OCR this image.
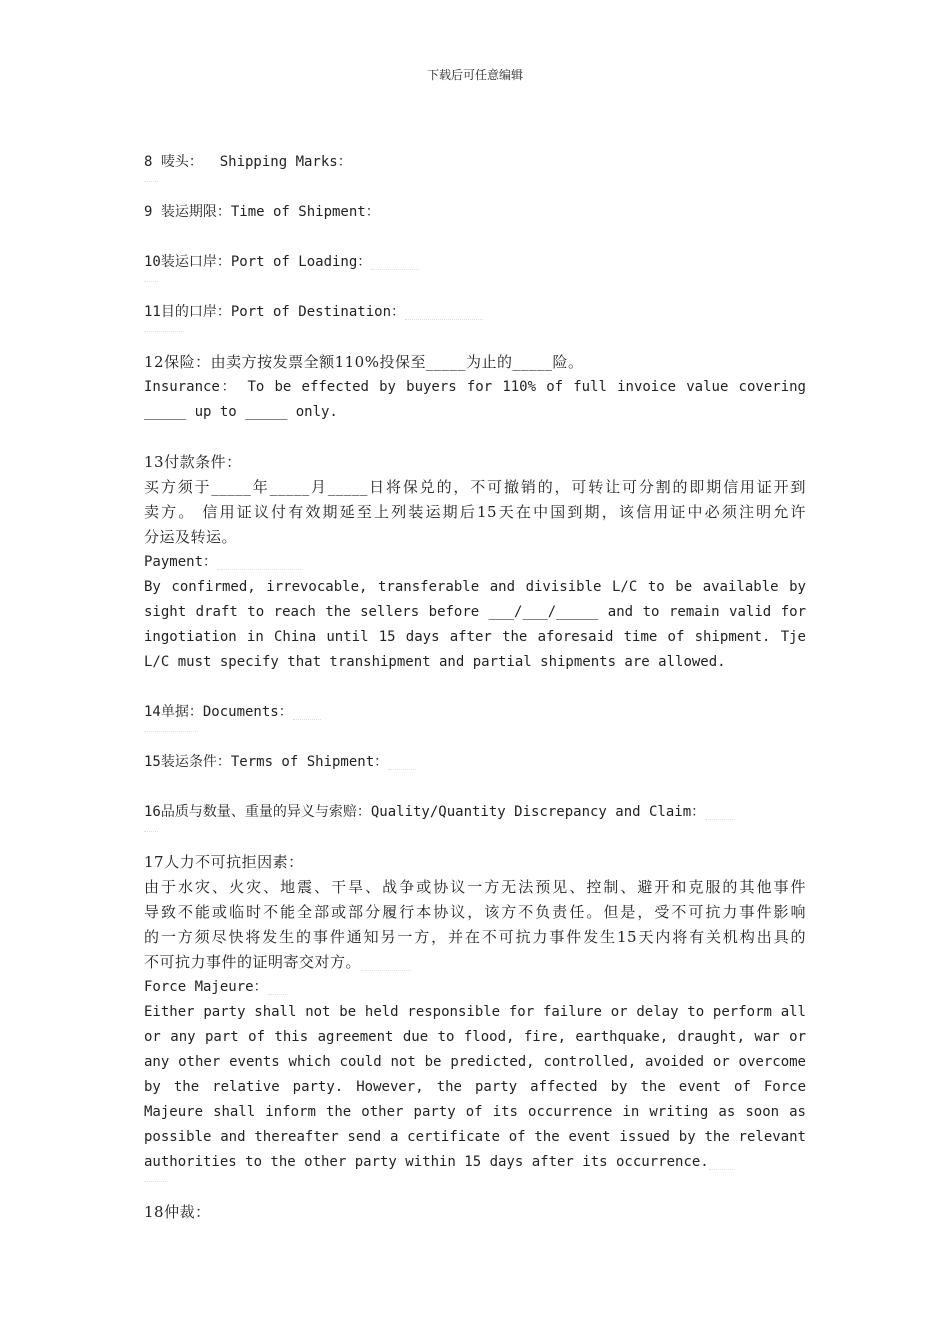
下载后可任意编辑
8 唛头：  Shipping Marks：
9 装运期限：Time of Shipment：
10装运口岸：Port of Loading：
11目的口岸：Port of Destination：
12保险：由卖方按发票全额110%投保至_____为止的_____险。
Insurance： To be effected by buyers for 110% of full invoice value covering
_____ up to _____ only.
13付款条件：
买方须于_____年_____月_____日将保兑的，不可撤销的，可转让可分割的即期信用证开到
卖方。 信用证议付有效期延至上列装运期后15天在中国到期，该信用证中必须注明允许
分运及转运。
Payment：
By confirmed, irrevocable, transferable and divisible L/C to be available by
sight draft to reach the sellers before ___/___/_____ and to remain valid for
ingotiation in China until 15 days after the aforesaid time of shipment. Tje
L/C must specify that transhipment and partial shipments are allowed.
14单据：Documents：
15装运条件：Terms of Shipment：
16品质与数量、重量的异义与索赔：Quality/Quantity Discrepancy and Claim：
17人力不可抗拒因素：
由于水灾、火灾、地震、干旱、战争或协议一方无法预见、控制、避开和克服的其他事件
导致不能或临时不能全部或部分履行本协议，该方不负责任。但是，受不可抗力事件影响
的一方须尽快将发生的事件通知另一方，并在不可抗力事件发生15天内将有关机构出具的
不可抗力事件的证明寄交对方。
Force Majeure：
Either party shall not be held responsible for failure or delay to perform all
or any part of this agreement due to flood, fire, earthquake, draught, war or
any other events which could not be predicted, controlled, avoided or overcome
by the relative party. However, the party affected by the event of Force
Majeure shall inform the other party of its occurrence in writing as soon as
possible and thereafter send a certificate of the event issued by the relevant
authorities to the other party within 15 days after its occurrence.
18仲裁：
